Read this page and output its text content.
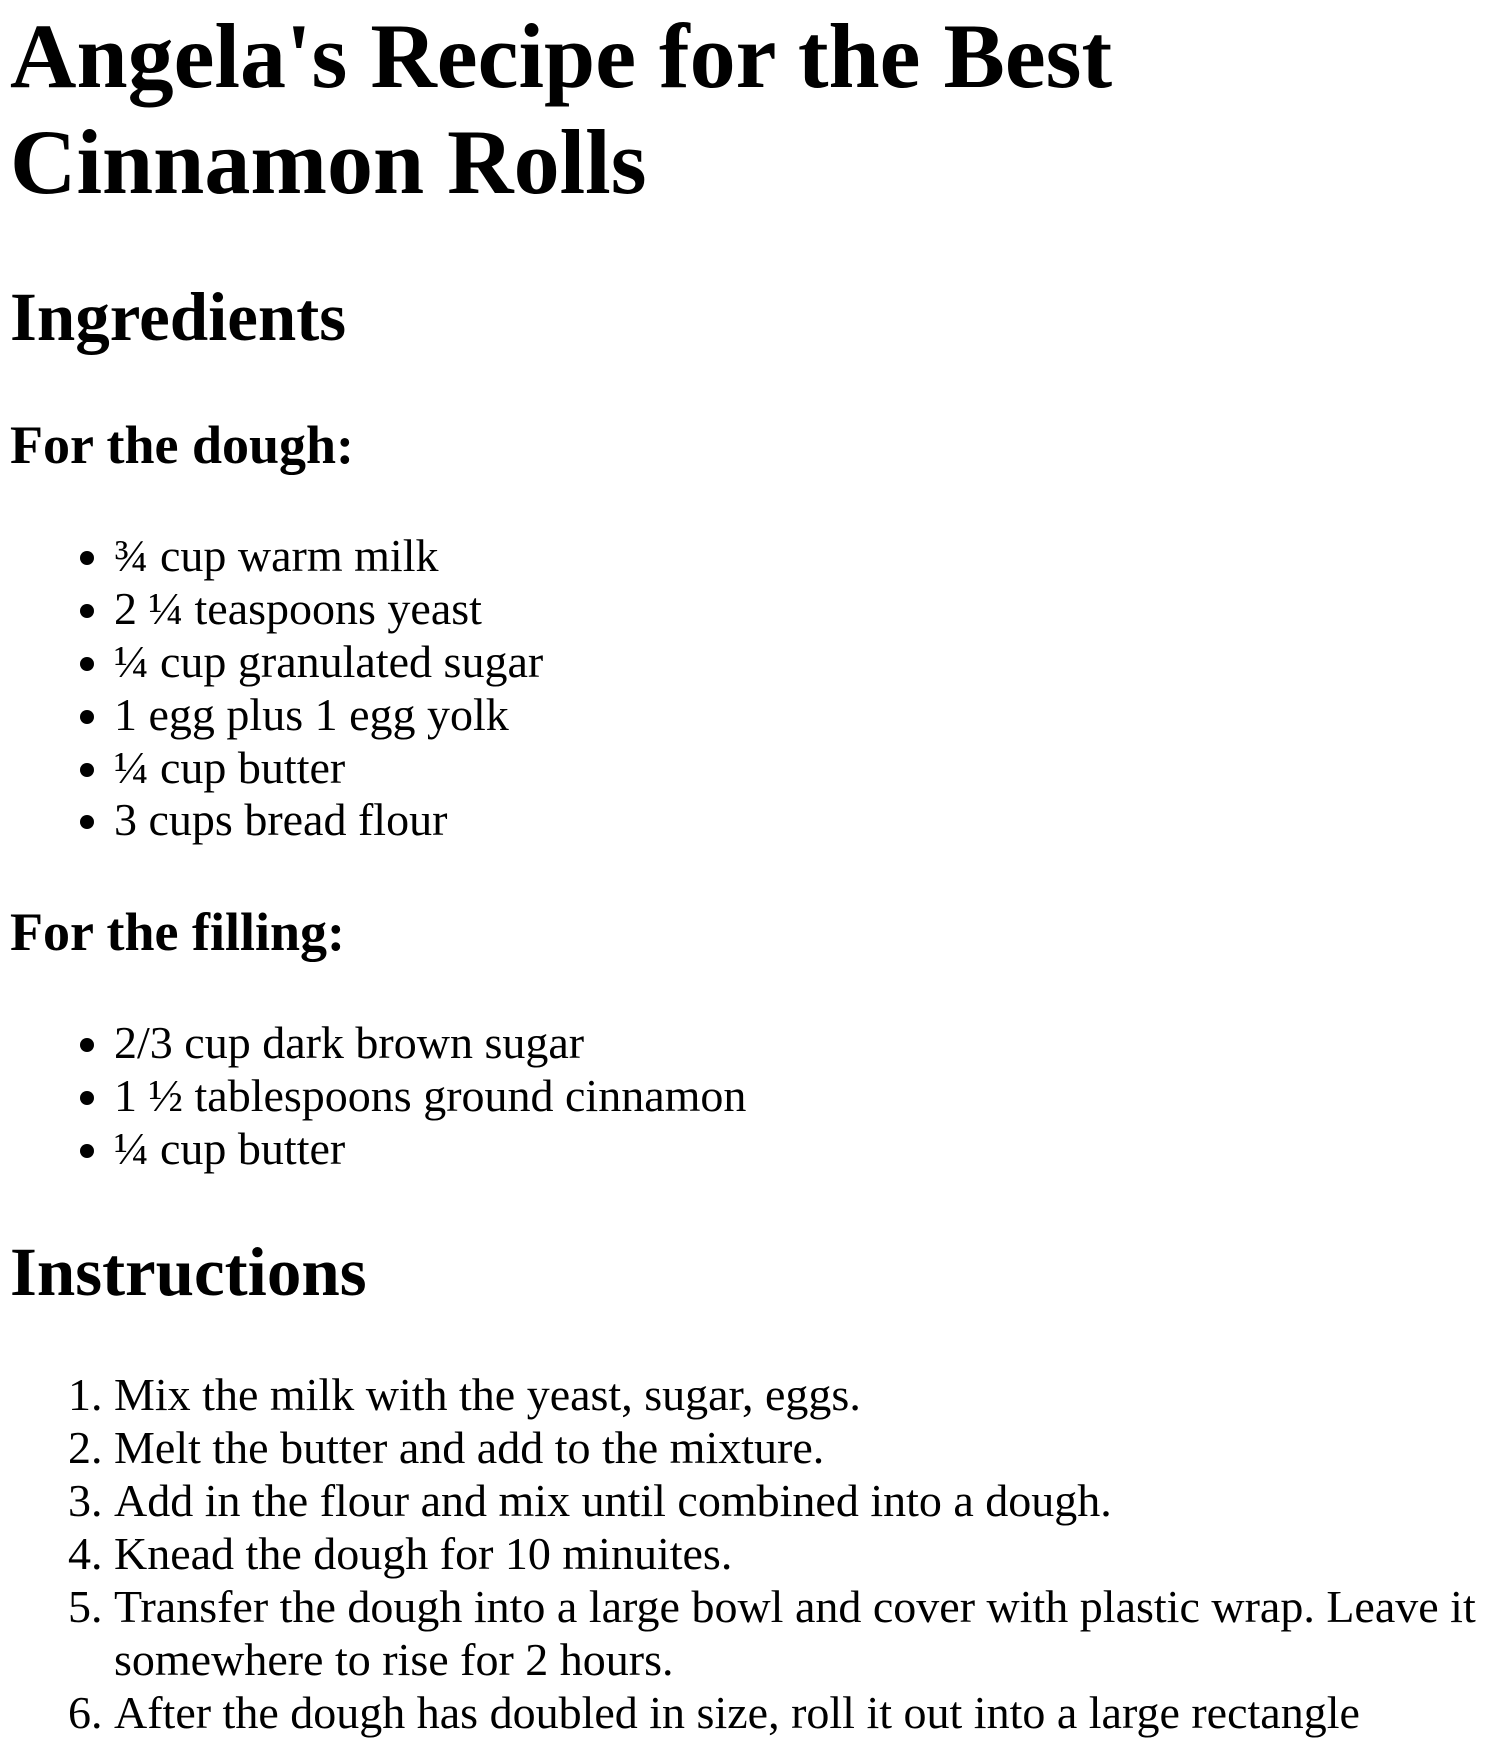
Angela's Recipe for the Best Cinnamon Rolls
Ingredients
For the dough:
• ¾ cup warm milk
• 2 ¼ teaspoons yeast
• ¼ cup granulated sugar
• 1 egg plus 1 egg yolk
• ¼ cup butter
• 3 cups bread flour
For the filling:
• 2/3 cup dark brown sugar
• 1 ½ tablespoons ground cinnamon
• ¼ cup butter
Instructions
1. Mix the milk with the yeast, sugar, eggs.
2. Melt the butter and add to the mixture.
3. Add in the flour and mix until combined into a dough.
4. Knead the dough for 10 minuites.
5. Transfer the dough into a large bowl and cover with plastic wrap. Leave it somewhere to rise for 2 hours.
6. After the dough has doubled in size, roll it out into a large rectangle
